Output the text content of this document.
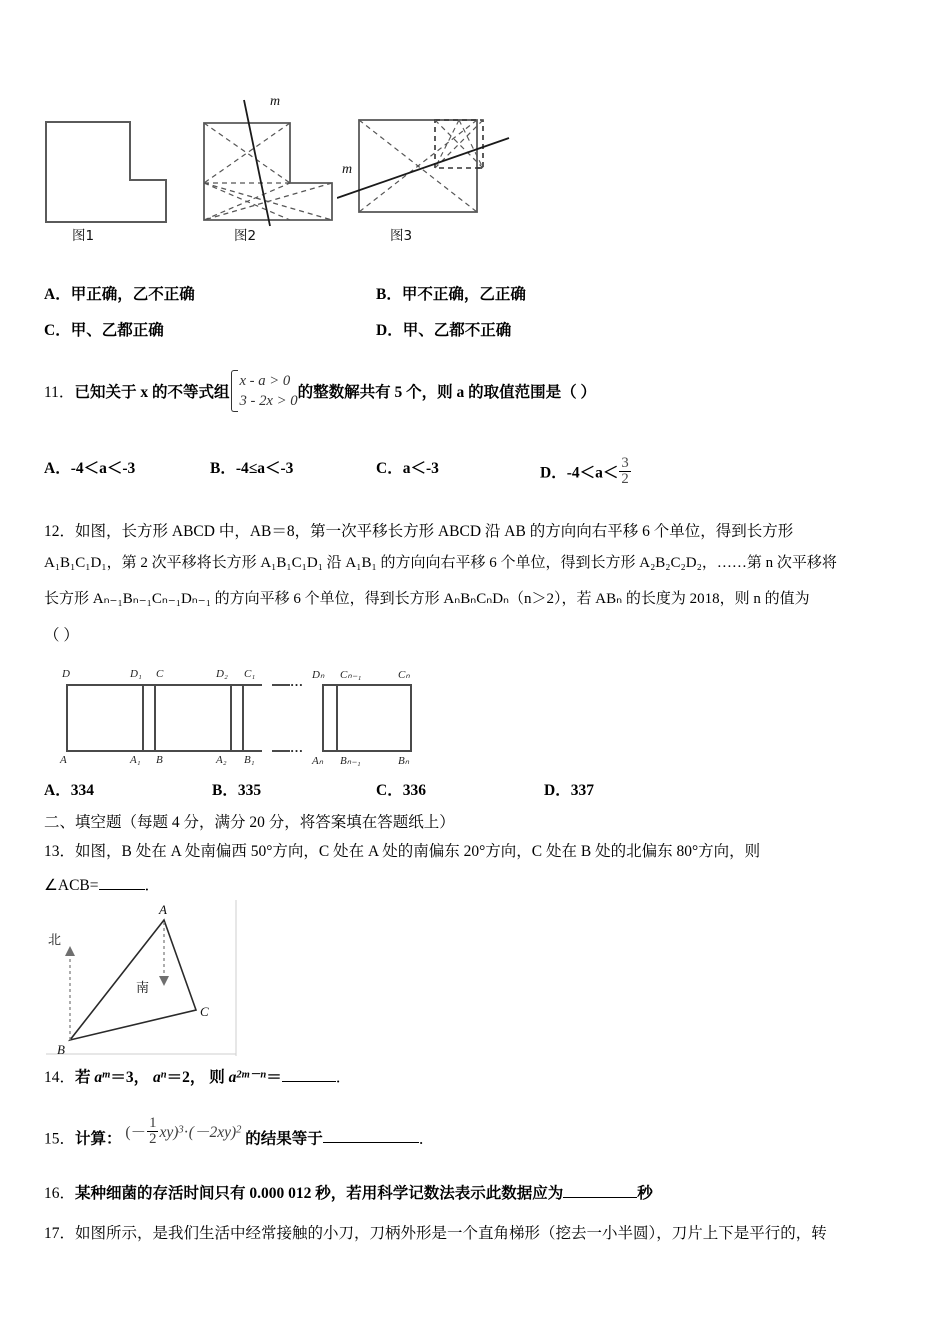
图1
m
图2
m
图3
A．甲正确，乙不正确	B．甲不正确，乙正确
C．甲、乙都正确	D．甲、乙都不正确
11．已知关于 x 的不等式组
x - a > 0
3 - 2x > 0
的整数解共有 5 个，则 a 的取值范围是（ ）
A．‐4＜a＜‐3	B．‐4≤a＜‐3	C．a＜‐3	D．‐4＜a＜ $\frac{3}{2}$
12．如图，长方形 ABCD 中，AB＝8，第一次平移长方形 ABCD 沿 AB 的方向向右平移 6 个单位，得到长方形
A₁B₁C₁D₁，第 2 次平移将长方形 A₁B₁C₁D₁ 沿 A₁B₁ 的方向向右平移 6 个单位，得到长方形 A₂B₂C₂D₂，……第 n 次平移将
长方形 Aₙ₋₁Bₙ₋₁Cₙ₋₁Dₙ₋₁ 的方向平移 6 个单位，得到长方形 AₙBₙCₙDₙ（n＞2），若 ABₙ 的长度为 2018，则 n 的值为
（ ）
…
…
D	D₁ C	D₂ C₁	Dₙ Cₙ₋₁	Cₙ
A	A₁ B	A₂ B₁	Aₙ Bₙ₋₁	Bₙ
A．334	B．335	C．336	D．337
二、填空题（每题 4 分，满分 20 分，将答案填在答题纸上）
13．如图，B 处在 A 处南偏西 50°方向，C 处在 A 处的南偏东 20°方向，C 处在 B 处的北偏东 80°方向，则
∠ACB=	．
北
南
A
B
C
14．若 $a^m=3$， $a^n=2$， 则 $a^{2m-n}=$	．
15．计算： (－ $\frac{1}{2} xy)^3\cdot(-2xy)^2$ 的结果等于	．
16．某种细菌的存活时间只有 0.000 012 秒，若用科学记数法表示此数据应为	秒
17．如图所示，是我们生活中经常接触的小刀，刀柄外形是一个直角梯形（挖去一小半圆），刀片上下是平行的，转
